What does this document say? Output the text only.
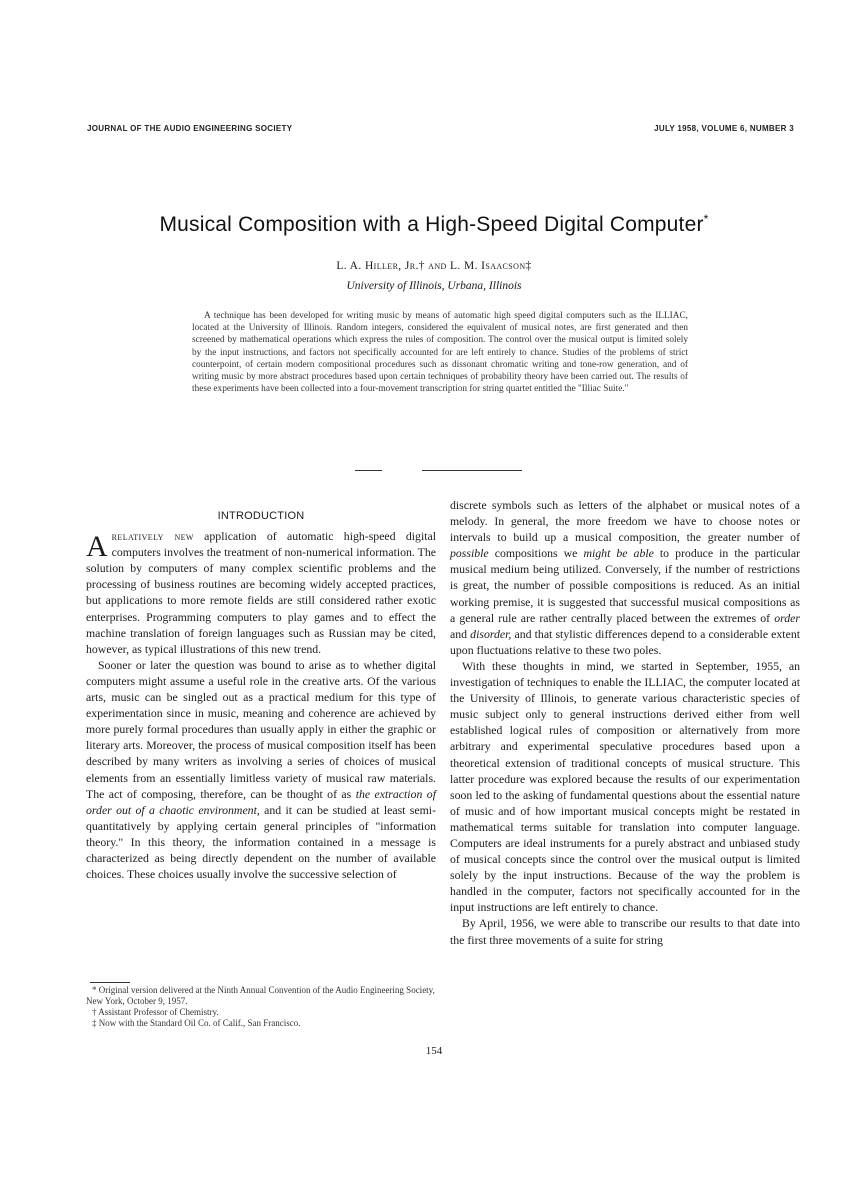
JOURNAL OF THE AUDIO ENGINEERING SOCIETY	JULY 1958, VOLUME 6, NUMBER 3
Musical Composition with a High-Speed Digital Computer*
L. A. Hiller, Jr.† and L. M. Isaacson‡
University of Illinois, Urbana, Illinois
A technique has been developed for writing music by means of automatic high speed digital computers such as the ILLIAC, located at the University of Illinois. Random integers, considered the equivalent of musical notes, are first generated and then screened by mathematical operations which express the rules of composition. The control over the musical output is limited solely by the input instructions, and factors not specifically accounted for are left entirely to chance. Studies of the problems of strict counterpoint, of certain modern compositional procedures such as dissonant chromatic writing and tone-row generation, and of writing music by more abstract procedures based upon certain techniques of probability theory have been carried out. The results of these experiments have been collected into a four-movement transcription for string quartet entitled the "Illiac Suite."
INTRODUCTION

Arelatively new application of automatic high-speed digital computers involves the treatment of non-numerical information. The solution by computers of many complex scientific problems and the processing of business routines are becoming widely accepted practices, but applications to more remote fields are still considered rather exotic enterprises. Programming computers to play games and to effect the machine translation of foreign languages such as Russian may be cited, however, as typical illustrations of this new trend.

Sooner or later the question was bound to arise as to whether digital computers might assume a useful role in the creative arts. Of the various arts, music can be singled out as a practical medium for this type of experimentation since in music, meaning and coherence are achieved by more purely formal procedures than usually apply in either the graphic or literary arts. Moreover, the process of musical composition itself has been described by many writers as involving a series of choices of musical elements from an essentially limitless variety of musical raw materials. The act of composing, therefore, can be thought of as the extraction of order out of a chaotic environment, and it can be studied at least semi-quantitatively by applying certain general principles of "information theory." In this theory, the information contained in a message is characterized as being directly dependent on the number of available choices. These choices usually involve the successive selection of

discrete symbols such as letters of the alphabet or musical notes of a melody. In general, the more freedom we have to choose notes or intervals to build up a musical composition, the greater number of possible compositions we might be able to produce in the particular musical medium being utilized. Conversely, if the number of restrictions is great, the number of possible compositions is reduced. As an initial working premise, it is suggested that successful musical compositions as a general rule are rather centrally placed between the extremes of order and disorder, and that stylistic differences depend to a considerable extent upon fluctuations relative to these two poles.

With these thoughts in mind, we started in September, 1955, an investigation of techniques to enable the ILLIAC, the computer located at the University of Illinois, to generate various characteristic species of music subject only to general instructions derived either from well established logical rules of composition or alternatively from more arbitrary and experimental speculative procedures based upon a theoretical extension of traditional concepts of musical structure. This latter procedure was explored because the results of our experimentation soon led to the asking of fundamental questions about the essential nature of music and of how important musical concepts might be restated in mathematical terms suitable for translation into computer language. Computers are ideal instruments for a purely abstract and unbiased study of musical concepts since the control over the musical output is limited solely by the input instructions. Because of the way the problem is handled in the computer, factors not specifically accounted for in the input instructions are left entirely to chance.

By April, 1956, we were able to transcribe our results to that date into the first three movements of a suite for string

* Original version delivered at the Ninth Annual Convention of the Audio Engineering Society, New York, October 9, 1957.
† Assistant Professor of Chemistry.
‡ Now with the Standard Oil Co. of Calif., San Francisco.
154
